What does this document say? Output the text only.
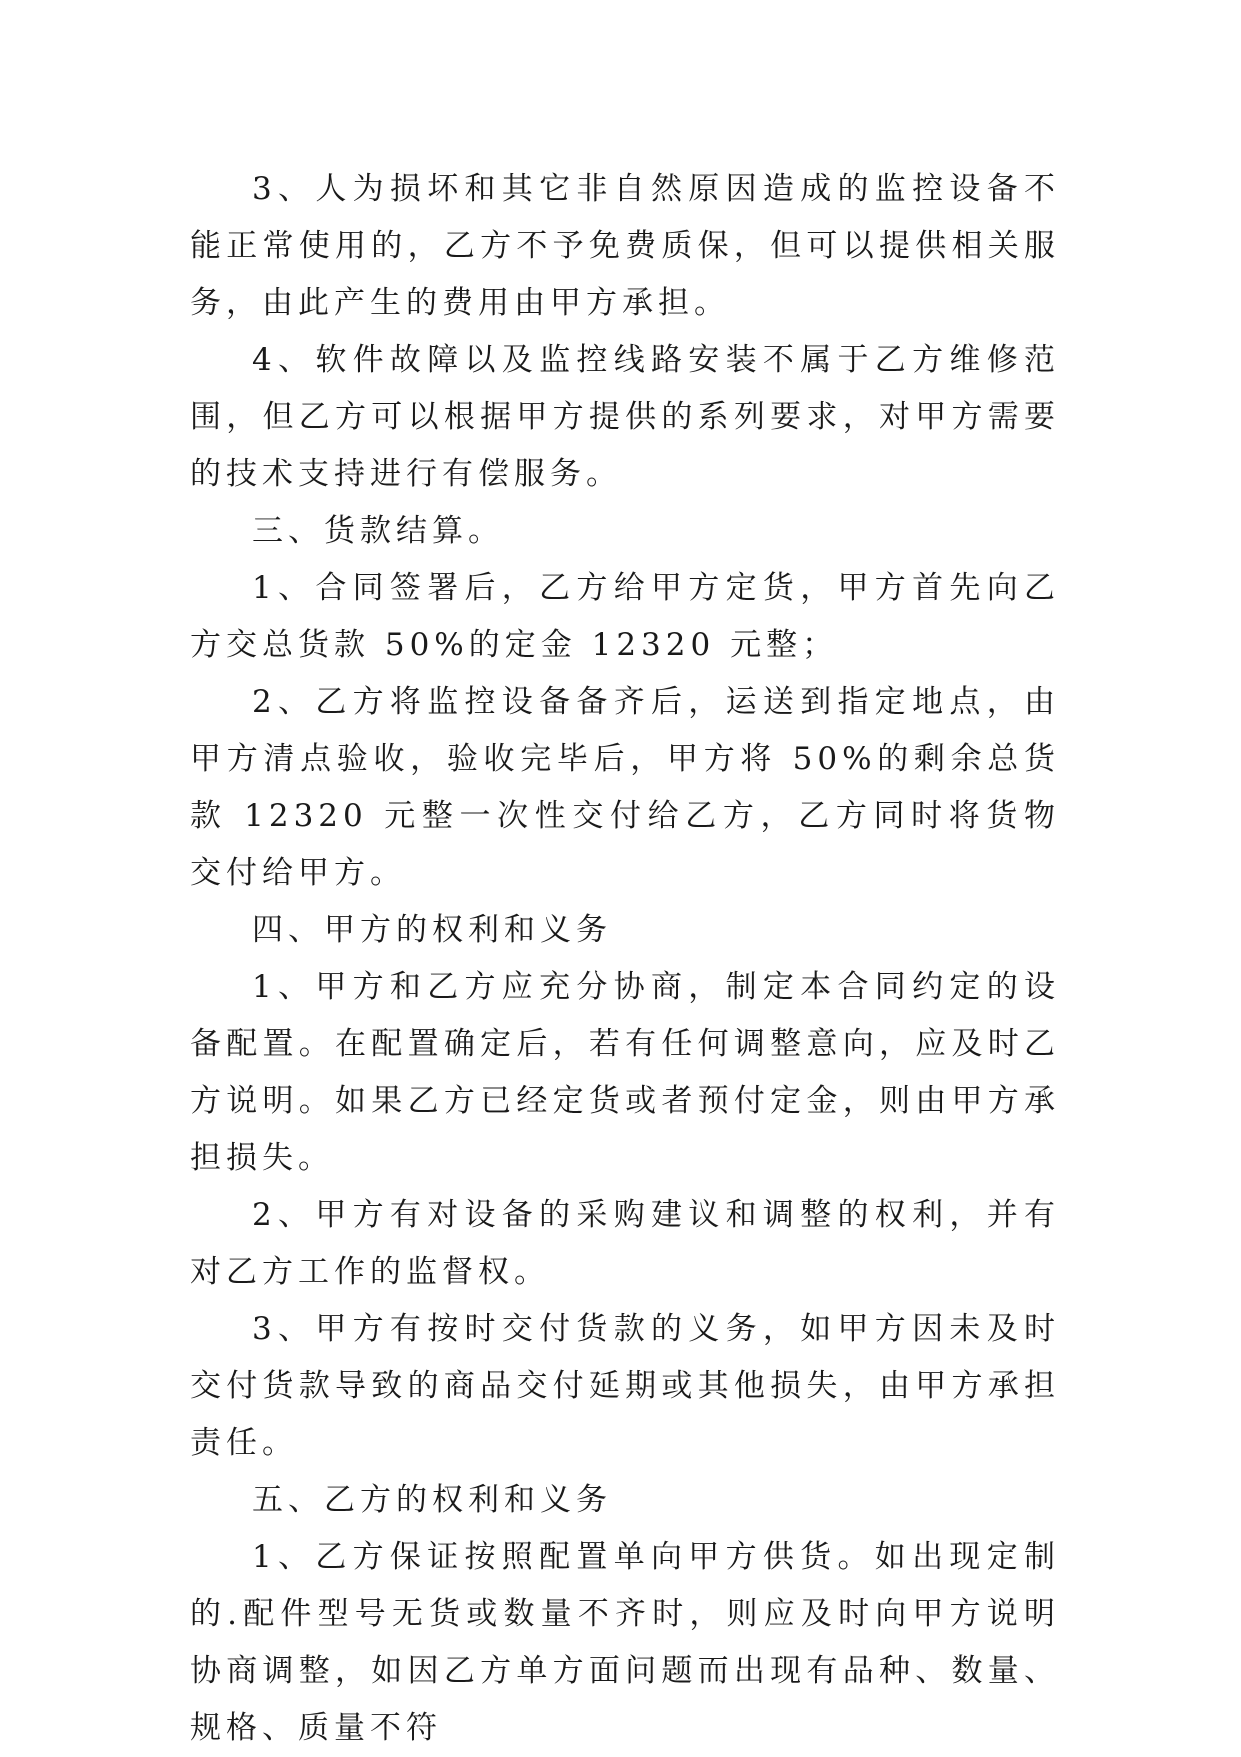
3、人为损坏和其它非自然原因造成的监控设备不能正常使用的，乙方不予免费质保，但可以提供相关服务，由此产生的费用由甲方承担。

4、软件故障以及监控线路安装不属于乙方维修范围，但乙方可以根据甲方提供的系列要求，对甲方需要的技术支持进行有偿服务。

三、货款结算。

1、合同签署后，乙方给甲方定货，甲方首先向乙方交总货款 50%的定金 12320 元整；

2、乙方将监控设备备齐后，运送到指定地点，由甲方清点验收，验收完毕后，甲方将 50%的剩余总货款 12320 元整一次性交付给乙方，乙方同时将货物交付给甲方。

四、甲方的权利和义务

1、甲方和乙方应充分协商，制定本合同约定的设备配置。在配置确定后，若有任何调整意向，应及时乙方说明。如果乙方已经定货或者预付定金，则由甲方承担损失。

2、甲方有对设备的采购建议和调整的权利，并有对乙方工作的监督权。

3、甲方有按时交付货款的义务，如甲方因未及时交付货款导致的商品交付延期或其他损失，由甲方承担责任。

五、乙方的权利和义务

1、乙方保证按照配置单向甲方供货。如出现定制的.配件型号无货或数量不齐时，则应及时向甲方说明协商调整，如因乙方单方面问题而出现有品种、数量、规格、质量不符
